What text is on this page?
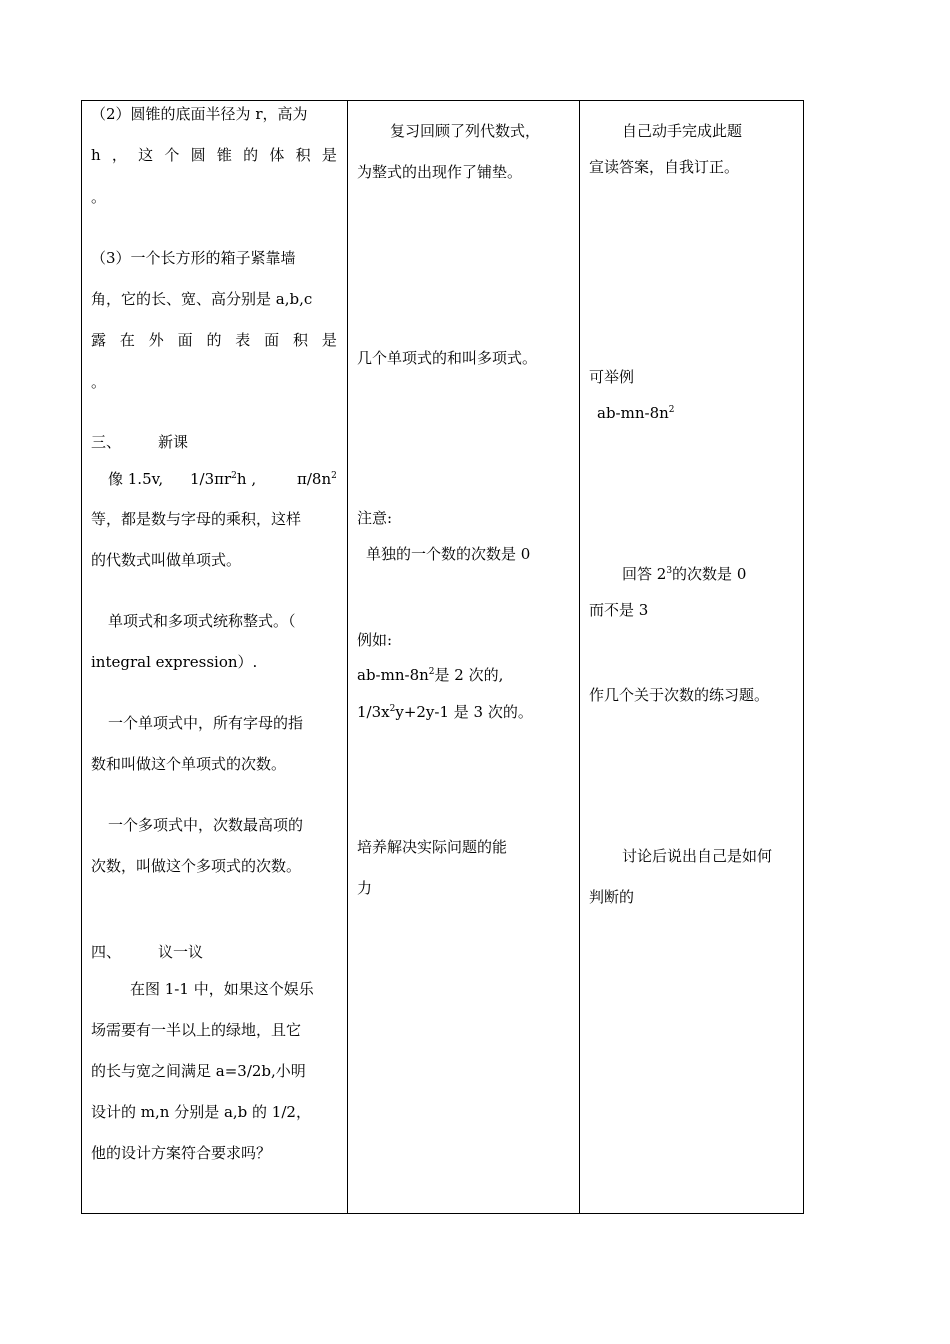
（2）圆锥的底面半径为 r，高为
h ， 这 个 圆 锥 的 体 积 是
。
（3）一个长方形的箱子紧靠墙
角，它的长、宽、高分别是 a,b,c
露 在 外 面 的 表 面 积 是
。
三、 新课
像 1.5v, $1/3\pi r^2h$ ,	$\pi/8n^2$
等，都是数与字母的乘积，这样
的代数式叫做单项式。
单项式和多项式统称整式。（
integral expression）.
一个单项式中，所有字母的指
数和叫做这个单项式的次数。
一个多项式中，次数最高项的
次数，叫做这个多项式的次数。
四、 议一议
在图 1-1 中，如果这个娱乐
场需要有一半以上的绿地，且它
的长与宽之间满足 a=3/2b,小明
设计的 m,n 分别是 a,b 的 1/2，
他的设计方案符合要求吗？
复习回顾了列代数式，
为整式的出现作了铺垫。
几个单项式的和叫多项式。
注意:
单独的一个数的次数是 0
例如:
$ab-mn-8n^2$是 2 次的,
$1/3x^2y+2y-1$ 是 3 次的。
培养解决实际问题的能
力
自己动手完成此题
宣读答案，自我订正。
可举例
$ab-mn-8n^2$
回答 $2^3$的次数是 0
而不是 3
作几个关于次数的练习题。
讨论后说出自己是如何
判断的
